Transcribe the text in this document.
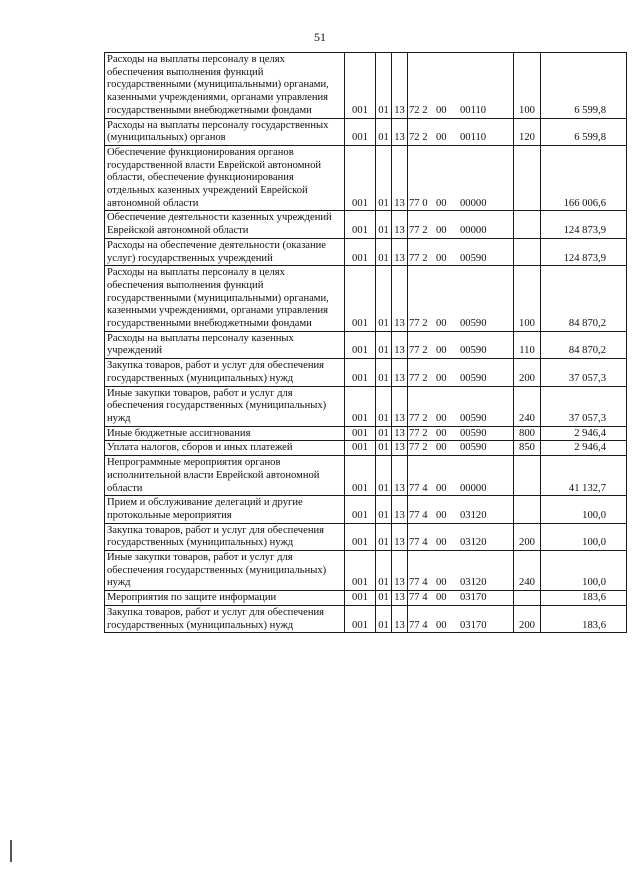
51
Расходы на выплаты персоналу в целях обеспечения выполнения функций государственными (муниципальными) органами, казенными учреждениями, органами управления государственными внебюджетными фондами	001	01	13	72 2 00 00110	100	6 599,8
Расходы на выплаты персоналу государственных (муниципальных) органов	001	01	13	72 2 00 00110	120	6 599,8
Обеспечение функционирования органов государственной власти Еврейской автономной области, обеспечение функционирования отдельных казенных учреждений Еврейской автономной области	001	01	13	77 0 00 00000		166 006,6
Обеспечение деятельности казенных учреждений Еврейской автономной области	001	01	13	77 2 00 00000		124 873,9
Расходы на обеспечение деятельности (оказание услуг) государственных учреждений	001	01	13	77 2 00 00590		124 873,9
Расходы на выплаты персоналу в целях обеспечения выполнения функций государственными (муниципальными) органами, казенными учреждениями, органами управления государственными внебюджетными фондами	001	01	13	77 2 00 00590	100	84 870,2
Расходы на выплаты персоналу казенных учреждений	001	01	13	77 2 00 00590	110	84 870,2
Закупка товаров, работ и услуг для обеспечения государственных (муниципальных) нужд	001	01	13	77 2 00 00590	200	37 057,3
Иные закупки товаров, работ и услуг для обеспечения государственных (муниципальных) нужд	001	01	13	77 2 00 00590	240	37 057,3
Иные бюджетные ассигнования	001	01	13	77 2 00 00590	800	2 946,4
Уплата налогов, сборов и иных платежей	001	01	13	77 2 00 00590	850	2 946,4
Непрограммные мероприятия органов исполнительной власти Еврейской автономной области	001	01	13	77 4 00 00000		41 132,7
Прием и обслуживание делегаций и другие протокольные мероприятия	001	01	13	77 4 00 03120		100,0
Закупка товаров, работ и услуг для обеспечения государственных (муниципальных) нужд	001	01	13	77 4 00 03120	200	100,0
Иные закупки товаров, работ и услуг для обеспечения государственных (муниципальных) нужд	001	01	13	77 4 00 03120	240	100,0
Мероприятия по защите информации	001	01	13	77 4 00 03170		183,6
Закупка товаров, работ и услуг для обеспечения государственных (муниципальных) нужд	001	01	13	77 4 00 03170	200	183,6
